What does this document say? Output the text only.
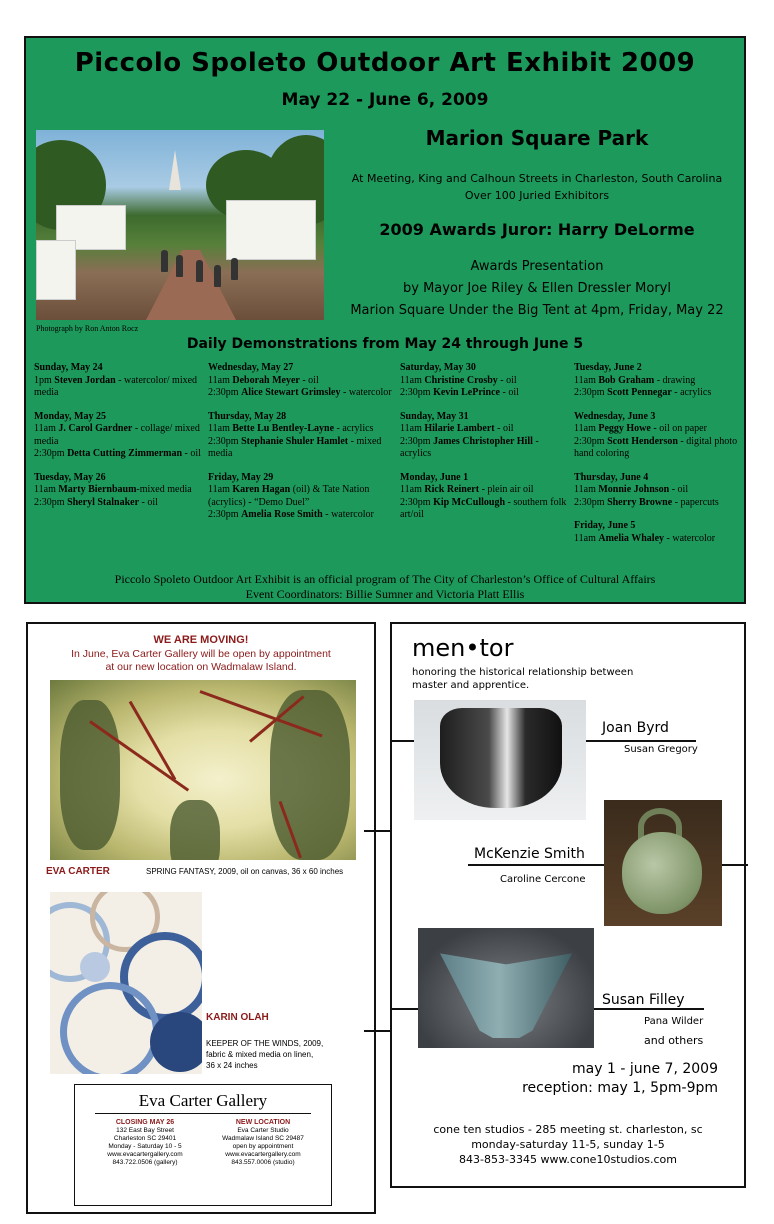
Piccolo Spoleto Outdoor Art Exhibit 2009
May 22 - June 6, 2009
Photograph by Ron Anton Rocz
Marion Square Park
At Meeting, King and Calhoun Streets in Charleston, South Carolina
Over 100 Juried Exhibitors
2009 Awards Juror: Harry DeLorme
Awards Presentation
by Mayor Joe Riley & Ellen Dressler Moryl
Marion Square Under the Big Tent at 4pm, Friday, May 22
Daily Demonstrations from May 24 through June 5
Sunday, May 24
1pm Steven Jordan - watercolor/ mixed media
Monday, May 25
11am J. Carol Gardner - collage/ mixed media
2:30pm Detta Cutting Zimmerman - oil
Tuesday, May 26
11am Marty Biernbaum-mixed media
2:30pm Sheryl Stalnaker - oil
Wednesday, May 27
11am Deborah Meyer - oil
2:30pm Alice Stewart Grimsley - watercolor
Thursday, May 28
11am Bette Lu Bentley-Layne - acrylics
2:30pm Stephanie Shuler Hamlet - mixed media
Friday, May 29
11am Karen Hagan (oil) & Tate Nation (acrylics) - “Demo Duel”
2:30pm Amelia Rose Smith - watercolor
Saturday, May 30
11am Christine Crosby - oil
2:30pm Kevin LePrince - oil
Sunday, May 31
11am Hilarie Lambert - oil
2:30pm James Christopher Hill - acrylics
Monday, June 1
11am Rick Reinert - plein air oil
2:30pm Kip McCullough - southern folk art/oil
Tuesday, June 2
11am Bob Graham - drawing
2:30pm Scott Pennegar - acrylics
Wednesday, June 3
11am Peggy Howe - oil on paper
2:30pm Scott Henderson - digital photo hand coloring
Thursday, June 4
11am Monnie Johnson - oil
2:30pm Sherry Browne - papercuts
Friday, June 5
11am Amelia Whaley - watercolor
Piccolo Spoleto Outdoor Art Exhibit is an official program of The City of Charleston’s Office of Cultural Affairs
Event Coordinators: Billie Sumner and Victoria Platt Ellis
WE ARE MOVING!
In June, Eva Carter Gallery will be open by appointment
at our new location on Wadmalaw Island.
EVA CARTER	SPRING FANTASY, 2009, oil on canvas, 36 x 60 inches
KARIN OLAH
KEEPER OF THE WINDS, 2009,
fabric & mixed media on linen,
36 x 24 inches
Eva Carter Gallery
CLOSING MAY 26
132 East Bay Street
Charleston SC 29401
Monday - Saturday 10 - 5
www.evacartergallery.com
843.722.0506 (gallery)
NEW LOCATION
Eva Carter Studio
Wadmalaw Island SC 29487
open by appointment
www.evacartergallery.com
843.557.0006 (studio)
men•tor
honoring the historical relationship between
master and apprentice.
Joan Byrd
Susan Gregory
McKenzie Smith
Caroline Cercone
Susan Filley
Pana Wilder
and others
may 1 - june 7, 2009
reception: may 1, 5pm-9pm
cone ten studios - 285 meeting st. charleston, sc
monday-saturday 11-5, sunday 1-5
843-853-3345 www.cone10studios.com
